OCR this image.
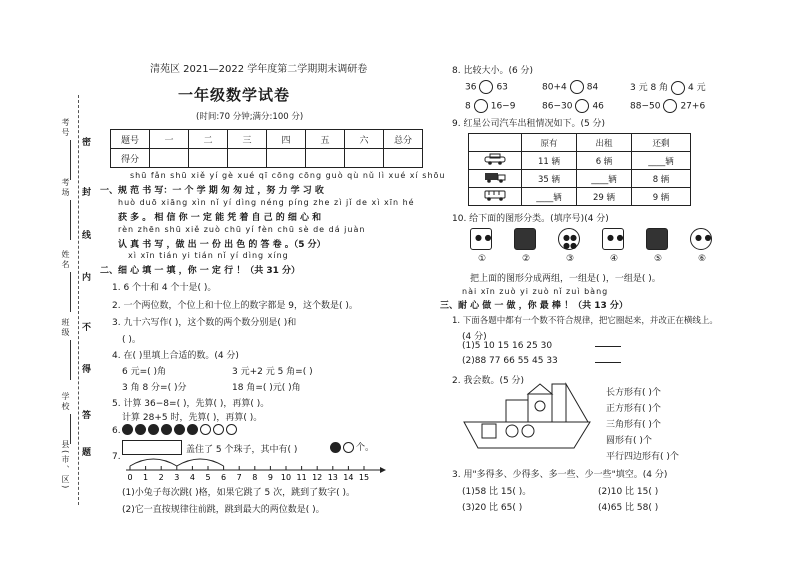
考号
考场
姓名
班级
学校
县(市、区)
密
封
线
内
不
得
答
题
清苑区 2021—2022 学年度第二学期期末调研卷
一年级数学试卷
(时间:70 分钟;满分:100 分)
题号	一	二	三	四	五	六	总分
得分							
shū fǎn shū xiě yí gè xué qī cōng cōng guò qù nǔ lì xué xí shōu
一、规 范 书 写：一 个 学 期 匆 匆 过 ，努 力 学 习 收
huò duō xiāng xìn nǐ yí dìng néng píng zhe zì jǐ de xì xīn hé
获 多 。 相 信 你 一 定 能 凭 着 自 己 的 细 心 和
rèn zhēn shū xiě zuò chū yí fèn chū sè de dá juàn
认 真 书 写 ，做 出 一 份 出 色 的 答 卷 。（5 分）
xì xīn tián yi tián nǐ yí dìng xíng
二、细 心 填 一 填 ，你 一 定 行 ！（共 31 分）
1. 6 个十和 4 个十是( )。
2. 一个两位数，个位上和十位上的数字都是 9，这个数是( )。
3. 九十六写作( )，这个数的两个数分别是( )和
( )。
4. 在( )里填上合适的数。(4 分)
6 元=( )角	3 元+2 元 5 角=( )
3 角 8 分=( )分	18 角=( )元( )角
5. 计算 36−8=( )，先算( )，再算( )。
计算 28+5 时，先算( )，再算( )。
6.
盖住了 5 个珠子，其中有( )	个。
7.
0 1 2 3 4 5 6 7 8 9 10 11 12 13 14 15
(1)小兔子每次跳( )格，如果它跳了 5 次，跳到了数字( )。
(2)它一直按规律往前跳，跳到最大的两位数是( )。
8. 比较大小。(6 分)
36 63	80+4 84	3 元 8 角 4 元
8 16−9	86−30 46	88−50 27+6
9. 红星公司汽车出租情况如下。(5 分)
	原有	出租	还剩
	11 辆	6 辆	____辆
	35 辆	____辆	8 辆
	____辆	29 辆	9 辆
10. 给下面的图形分类。(填序号)(4 分)
● ●	●●
●●
● ●	● ●
①	②	③	④	⑤	⑥
把上面的图形分成两组，一组是( )，一组是( )。
nài xīn zuò yi zuò nǐ zuì bàng
三、耐 心 做 一 做 ，你 最 棒 ！（共 13 分）
1. 下面各题中都有一个数不符合规律，把它圈起来，并改正在横线上。
(4 分)
(1)5 10 15 16 25 30
(2)88 77 66 55 45 33
2. 我会数。(5 分)
长方形有( )个
正方形有( )个
三角形有( )个
圆形有( )个
平行四边形有( )个
3. 用"多得多、少得多、多一些、少一些"填空。(4 分)
(1)58 比 15( )。	(2)10 比 15( )
(3)20 比 65( )	(4)65 比 58( )
